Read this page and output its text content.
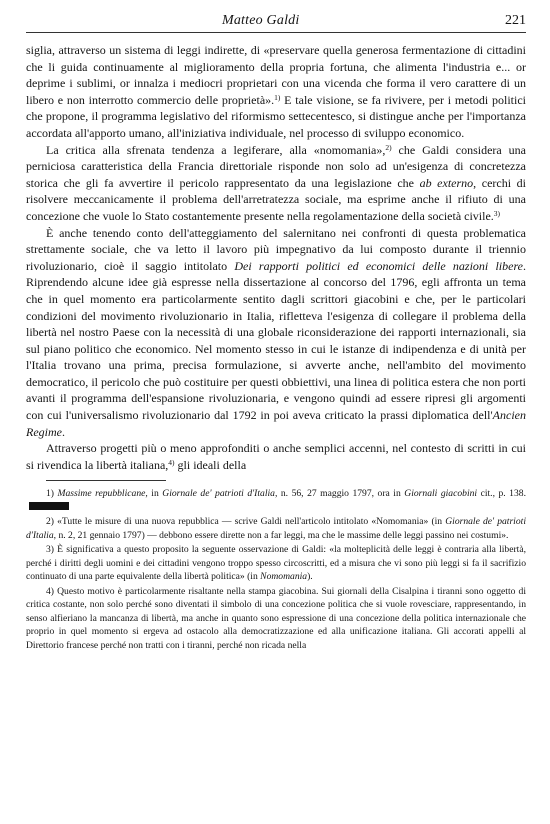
Matteo Galdi	221

siglia, attraverso un sistema di leggi indirette, di «preservare quella generosa fermentazione di cittadini che li guida continuamente al miglioramento della propria fortuna, che alimenta l'industria e... or deprime i sublimi, or innalza i mediocri proprietari con una vicenda che forma il vero carattere di un libero e non interrotto commercio delle proprietà».$^{1)}$ E tale visione, se fa rivivere, per i metodi politici che propone, il programma legislativo del riformismo settecentesco, si distingue anche per l'importanza accordata all'apporto umano, all'iniziativa individuale, nel processo di sviluppo economico.

La critica alla sfrenata tendenza a legiferare, alla «nomomania»,$^{2)}$ che Galdi considera una perniciosa caratteristica della Francia direttoriale risponde non solo ad un'esigenza di concretezza storica che gli fa avvertire il pericolo rappresentato da una legislazione che ab externo, cerchi di risolvere meccanicamente il problema dell'arretratezza sociale, ma esprime anche il rifiuto di una concezione che vuole lo Stato costantemente presente nella regolamentazione della società civile.$^{3)}$

È anche tenendo conto dell'atteggiamento del salernitano nei confronti di questa problematica strettamente sociale, che va letto il lavoro più impegnativo da lui composto durante il triennio rivoluzionario, cioè il saggio intitolato Dei rapporti politici ed economici delle nazioni libere. Riprendendo alcune idee già espresse nella dissertazione al concorso del 1796, egli affronta un tema che in quel momento era particolarmente sentito dagli scrittori giacobini e che, per le particolari condizioni del movimento rivoluzionario in Italia, rifletteva l'esigenza di collegare il problema della libertà nel nostro Paese con la necessità di una globale riconsiderazione dei rapporti internazionali, sia sul piano politico che economico. Nel momento stesso in cui le istanze di indipendenza e di unità per l'Italia trovano una prima, precisa formulazione, si avverte anche, nell'ambito del movimento democratico, il pericolo che può costituire per questi obbiettivi, una linea di politica estera che non porti avanti il programma dell'espansione rivoluzionaria, e vengono quindi ad essere ripresi gli argomenti con cui l'universalismo rivoluzionario dal 1792 in poi aveva criticato la prassi diplomatica dell'Ancien Regime.

Attraverso progetti più o meno approfonditi o anche semplici accenni, nel contesto di scritti in cui si rivendica la libertà italiana,$^{4)}$ gli ideali della

1) Massime repubblicane, in Giornale de' patrioti d'Italia, n. 56, 27 maggio 1797, ora in Giornali giacobini cit., p. 138.

2) «Tutte le misure di una nuova repubblica — scrive Galdi nell'articolo intitolato «Nomomania» (in Giornale de' patrioti d'Italia, n. 2, 21 gennaio 1797) — debbono essere dirette non a far leggi, ma che le massime delle leggi passino nei costumi».

3) È significativa a questo proposito la seguente osservazione di Galdi: «la molteplicità delle leggi è contraria alla libertà, perché i diritti degli uomini e dei cittadini vengono troppo spesso circoscritti, ed a misura che vi sono più leggi si fa il sacrifizio continuato di una parte equivalente della libertà politica» (in Nomomania).

4) Questo motivo è particolarmente risaltante nella stampa giacobina. Sui giornali della Cisalpina i tiranni sono oggetto di critica costante, non solo perché sono diventati il simbolo di una concezione politica che si vuole rovesciare, rappresentando, in senso alfieriano la mancanza di libertà, ma anche in quanto sono espressione di una concezione della politica internazionale che proprio in quel momento si ergeva ad ostacolo alla democratizzazione ed alla unificazione italiana. Gli accorati appelli al Direttorio francese perché non tratti con i tiranni, perché non ricada nella
